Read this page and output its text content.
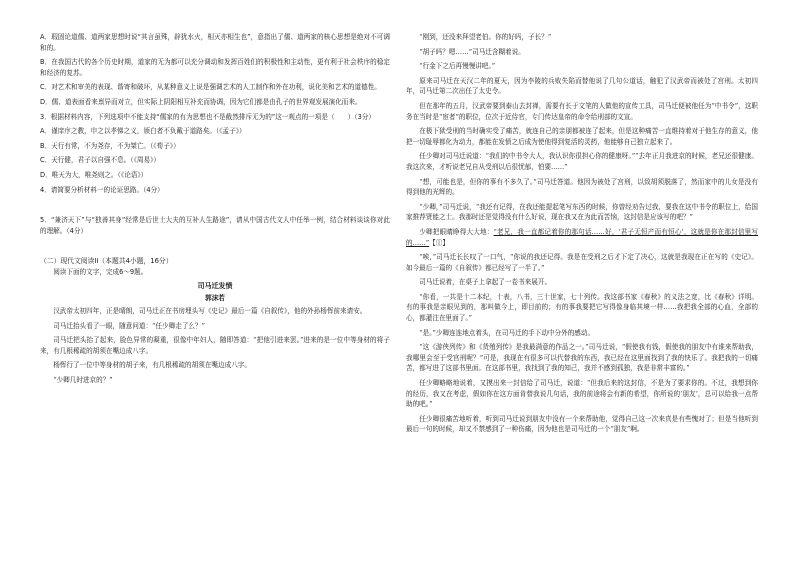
A．瑕固论道儒、道两家思想时说“其言虽殊，辟犹水火，相灭亦相生也”，意指出了儒、道两家的核心思想是绝对不可调和的。

B．在我国古代的各个历史时期，道家的无为都可以充分调动和发挥百姓们的积极性和主动性，更有利于社会秩序的稳定和经济的复苏。

C．对艺术和审美的表现、谐寄和破坏，从某种意义上说是强调艺术的人工制作和外在功利，说化美和艺术的道德性。

D．儒、道表面看来禀异而对立，但实际上阴阳相互补充而协调，因为它们都是由孔子的世界观发展演化而来。

3．根据材料内容，下列选项中不能支持“儒家的有为思想也不是截然排斥无为的”这一观点的一项是（　　）（3分）

A．谨庠序之教，申之以孝悌之义，颁白者不负戴于道路矣。（《孟子》）

B．天行有常，不为尧存，不为桀亡。（《荀子》）

C．天行健，君子以自强不息。（《周易》）

D．唯天为大，唯尧则之。（《论语》）

4．请简要分析材料一的论证思路。（4分）

5．“兼济天下”与“独善其身”经常是后世士大夫的互补人生路途”，请从中国古代文人中任举一例，结合材料谈谈你对此的理解。（4分）

（二）现代文阅读II（本题共4小题，16分）

阅读下面的文字，完成6～9题。

司马迁发愤

郭沫若

汉武帝太初四年，正是晴朗，司马迁正在书房埋头写《史记》最后一篇《自叙传》，他的外孙杨恽前来请安。

司马迁抬头看了一眼，随意问道：“任少卿走了么？”

司马迁把头抬了起来，脸色异常的凝重，很像中年妇人，随即答道：“把他引进来罢。”进来的是一位中等身材的将子来，有几根稀疏的胡须在嘴边成八字。

杨恽行了一位中等身材的胡子来，有几根稀疏的胡须在嘴边成八字。

“少卿几时进京的？”

“刚到，还没来拜望老伯。你的好吗，子长？”

“胡子吗？嗯……”司马迁含糊着说。

“行金下之后再慢慢讲吧。”

原来司马迁在天汉二年的夏天，因为李陵的兵败失陷而替他说了几句公道话，触犯了汉武帝而被处了宫刑。太初四年，司马迁第二次出任了太史令。

但在那年的五月，汉武帝要到泰山去封禅，需要有长于文笔的人做他的宣传工具，司马迁便被他任为“中书令”，这职务在当时是“宦者”的职位，位次于近侍官，专门传达皇帝的命令给刑部的文宣。

在极下狱受刑的当时确实受了痛苦，就连自己的亲朋都被连了起来，但是这种痛苦一直维持着对于他生存的意义，他把一切耻辱都化为动力，都能在发愤之后成为使他得到复活的灵药，他能够自己独立起来了。

任少卿对司马迁说道：“我们的中书令大人，我认识你很担心你的健康呀。”“去年正月我进京的时候，老兄还很健康。我这次来，才听说老兄自从受刑以后很忧郁，怕要……”

“想，可能也是，但你的事有不多久了。”司马迁答道。他因为被处了宫刑，以致胡须脱落了，然而家中的儿女是没有得到他的光辉的。

“少卿，”司马迁说，“我还有记得，在我还能提起笔写东西的时候，你曾经劝告过我，要我在这中书令的职位上，给国家推荐贤能之士。我那时还是觉得没有什么好说，现在我又在为此而苦恼，这封信是应该写的吧？”

少卿把眼睛睁得大大地：“老兄，我一直都记着你的那句话……好，‘君子无恒产而有恒心’，这就是你在那封信里写的……”【①】

“唉，”司马迁长长叹了一口气，“你说的我还记得。我是在受刑之后才下定了决心，这就是我现在正在写的《史记》。如今最后一篇的《自叙传》都已经写了一半了。”

司马迁说着，在桌子上拿起了一卷书来展开。

“你看，一共是十二本纪，十表，八书，三十世家，七十列传。我这部书家《春秋》的义法之宽，比《春秋》详明。有的事我是亲眼见到的，那叫做今上，即目前的；有的事我要把它写得像身临其境一样……我把我全部的心血，全部的心，都灌注在里面了。”

“是。”少卿连连地点着头，在司马迁的手下动中分外的感动。

“这《游侠列传》和《货殖列传》是我最满意的作品之一。”司马迁说，“假使我有钱，假使我的朋友中有谁来帮助我，我哪里会至于受宫刑呢？”可是，我现在有很多可以代替我的东西，我已经在这里面找到了我的快乐了。我把我的一切痛苦，都写进了这部书里面。在这部书里，我找到了我的知己，我并不感到孤独，我是非常丰富的。”

任少卿略略地说着，又摸出来一封信给了司马迁，说道：“但我后来的这封信，不是为了要求你的。不过，我想到你的经历，我又在考虑，假如你在这方面肯替我说几句话，我的前途将会有新的希望，你所说的‘朋友’，总可以给我一点帮助的吧。”

任少卿很痛苦地听着，听到司马迁说到朋友中没有一个来帮助他，觉得自己这一次来真是有些愧对了；但是当他听到最后一句的时候，却又不禁感到了一种伤痛，因为他也是司马迁的一个“朋友”啊。
